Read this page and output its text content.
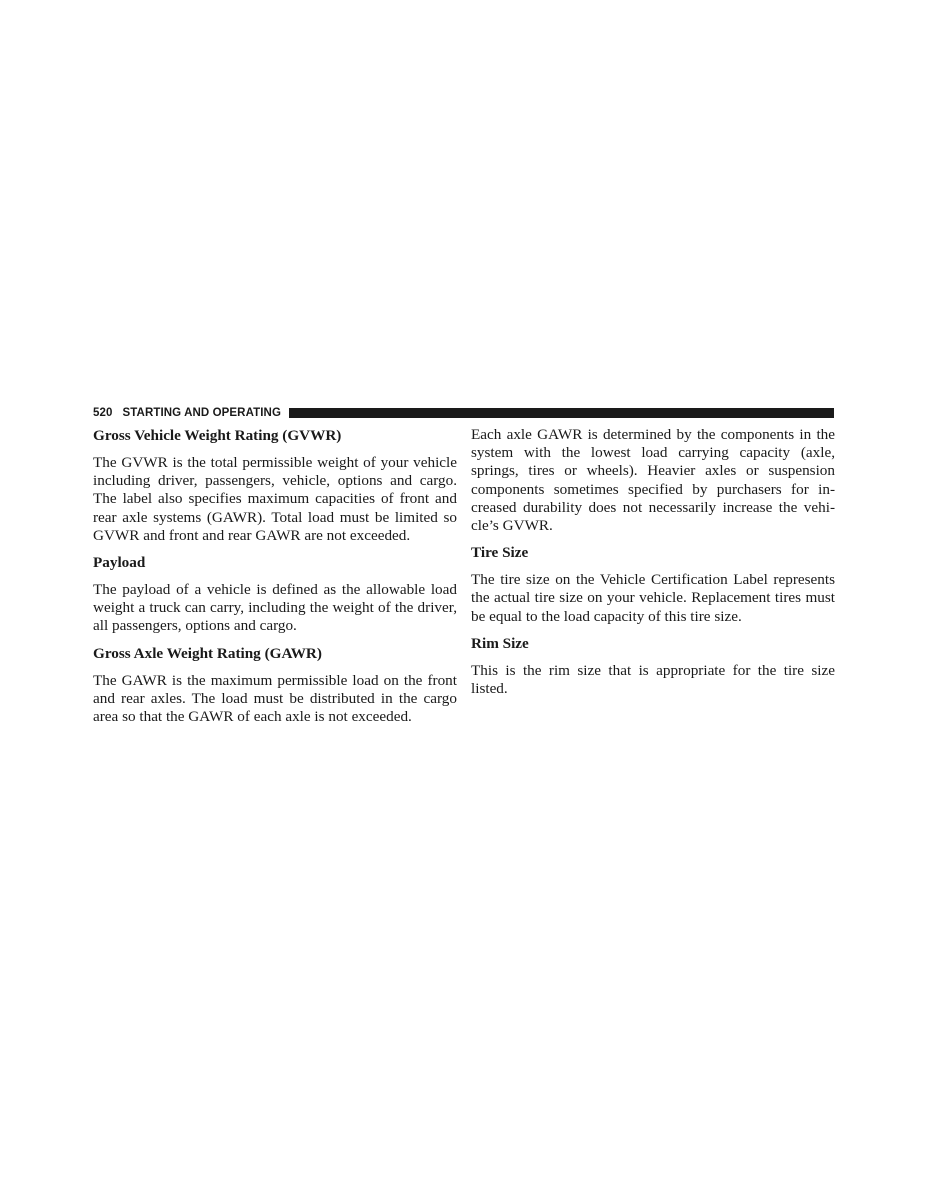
520 STARTING AND OPERATING

Gross Vehicle Weight Rating (GVWR)

The GVWR is the total permissible weight of your vehicle including driver, passengers, vehicle, options and cargo. The label also specifies maximum capacities of front and rear axle systems (GAWR). Total load must be limited so GVWR and front and rear GAWR are not exceeded.

Payload

The payload of a vehicle is defined as the allowable load weight a truck can carry, including the weight of the driver, all passengers, options and cargo.

Gross Axle Weight Rating (GAWR)

The GAWR is the maximum permissible load on the front and rear axles. The load must be distributed in the cargo area so that the GAWR of each axle is not exceeded.

Each axle GAWR is determined by the components in the system with the lowest load carrying capacity (axle, springs, tires or wheels). Heavier axles or suspension components sometimes specified by purchasers for increased durability does not necessarily increase the vehicle’s GVWR.

Tire Size

The tire size on the Vehicle Certification Label represents the actual tire size on your vehicle. Replacement tires must be equal to the load capacity of this tire size.

Rim Size

This is the rim size that is appropriate for the tire size listed.
